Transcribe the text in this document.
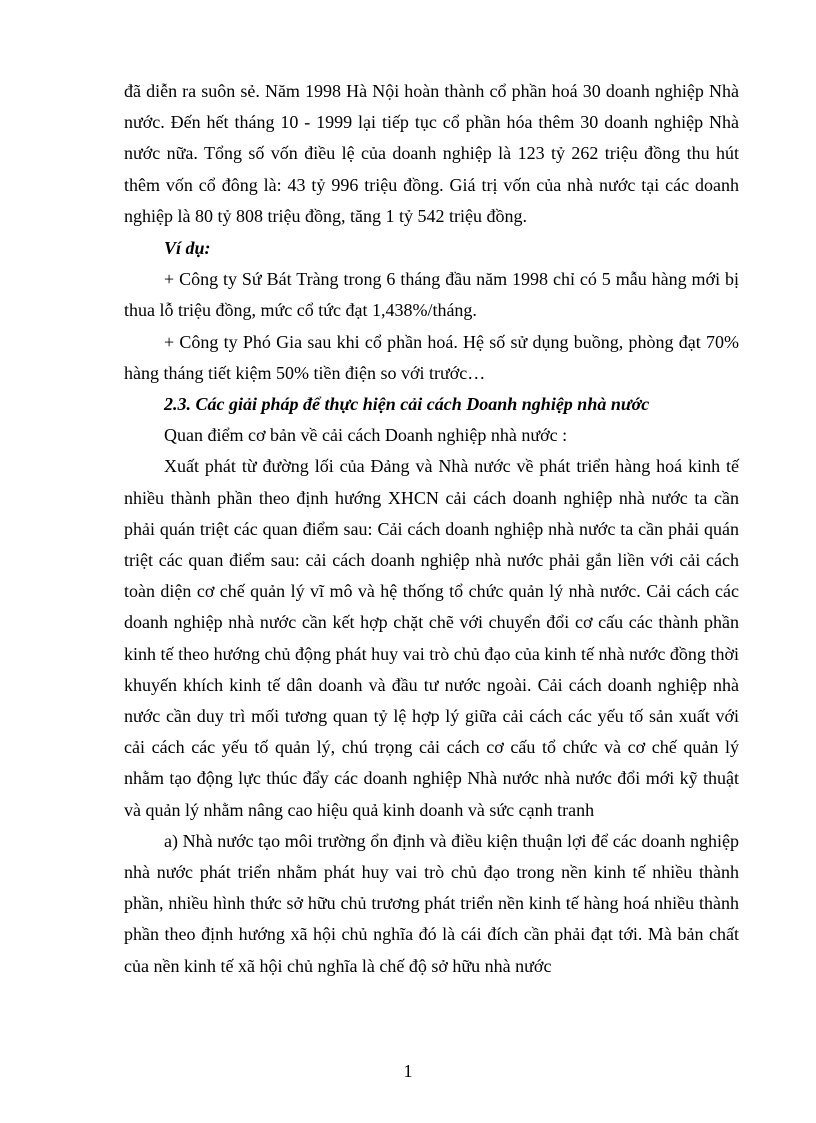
đã diễn ra suôn sẻ. Năm 1998 Hà Nội hoàn thành cổ phần hoá 30 doanh nghiệp Nhà nước. Đến hết tháng 10 - 1999 lại tiếp tục cổ phần hóa thêm 30 doanh nghiệp Nhà nước nữa. Tổng số vốn điều lệ của doanh nghiệp là 123 tỷ 262 triệu đồng thu hút thêm vốn cổ đông là: 43 tỷ 996 triệu đồng. Giá trị vốn của nhà nước tại các doanh nghiệp là 80 tỷ 808 triệu đồng, tăng 1 tỷ 542 triệu đồng.

Ví dụ:

+ Công ty Sứ Bát Tràng trong 6 tháng đầu năm 1998 chỉ có 5 mẫu hàng mới bị thua lỗ triệu đồng, mức cổ tức đạt 1,438%/tháng.

+ Công ty Phó Gia sau khi cổ phần hoá. Hệ số sử dụng buồng, phòng đạt 70% hàng tháng tiết kiệm 50% tiền điện so với trước…

2.3. Các giải pháp để thực hiện cải cách Doanh nghiệp nhà nước

Quan điểm cơ bản về cải cách Doanh nghiệp nhà nước :

Xuất phát từ đường lối của Đảng và Nhà nước về phát triển hàng hoá kinh tế nhiều thành phần theo định hướng XHCN cải cách doanh nghiệp nhà nước ta cần phải quán triệt các quan điểm sau: Cải cách doanh nghiệp nhà nước ta cần phải quán triệt các quan điểm sau: cải cách doanh nghiệp nhà nước phải gắn liền với cải cách toàn diện cơ chế quản lý vĩ mô và hệ thống tổ chức quản lý nhà nước. Cải cách các doanh nghiệp nhà nước cần kết hợp chặt chẽ với chuyển đổi cơ cấu các thành phần kinh tế theo hướng chủ động phát huy vai trò chủ đạo của kinh tế nhà nước đồng thời khuyến khích kinh tế dân doanh và đầu tư nước ngoài. Cải cách doanh nghiệp nhà nước cần duy trì mối tương quan tỷ lệ hợp lý giữa cải cách các yếu tố sản xuất với cải cách các yếu tố quản lý, chú trọng cải cách cơ cấu tổ chức và cơ chế quản lý nhằm tạo động lực thúc đẩy các doanh nghiệp Nhà nước nhà nước đổi mới kỹ thuật và quản lý nhằm nâng cao hiệu quả kinh doanh và sức cạnh tranh

a) Nhà nước tạo môi trường ổn định và điều kiện thuận lợi để các doanh nghiệp nhà nước phát triển nhằm phát huy vai trò chủ đạo trong nền kinh tế nhiều thành phần, nhiều hình thức sở hữu chủ trương phát triển nền kinh tế hàng hoá nhiều thành phần theo định hướng xã hội chủ nghĩa đó là cái đích cần phải đạt tới. Mà bản chất của nền kinh tế xã hội chủ nghĩa là chế độ sở hữu nhà nước

1
